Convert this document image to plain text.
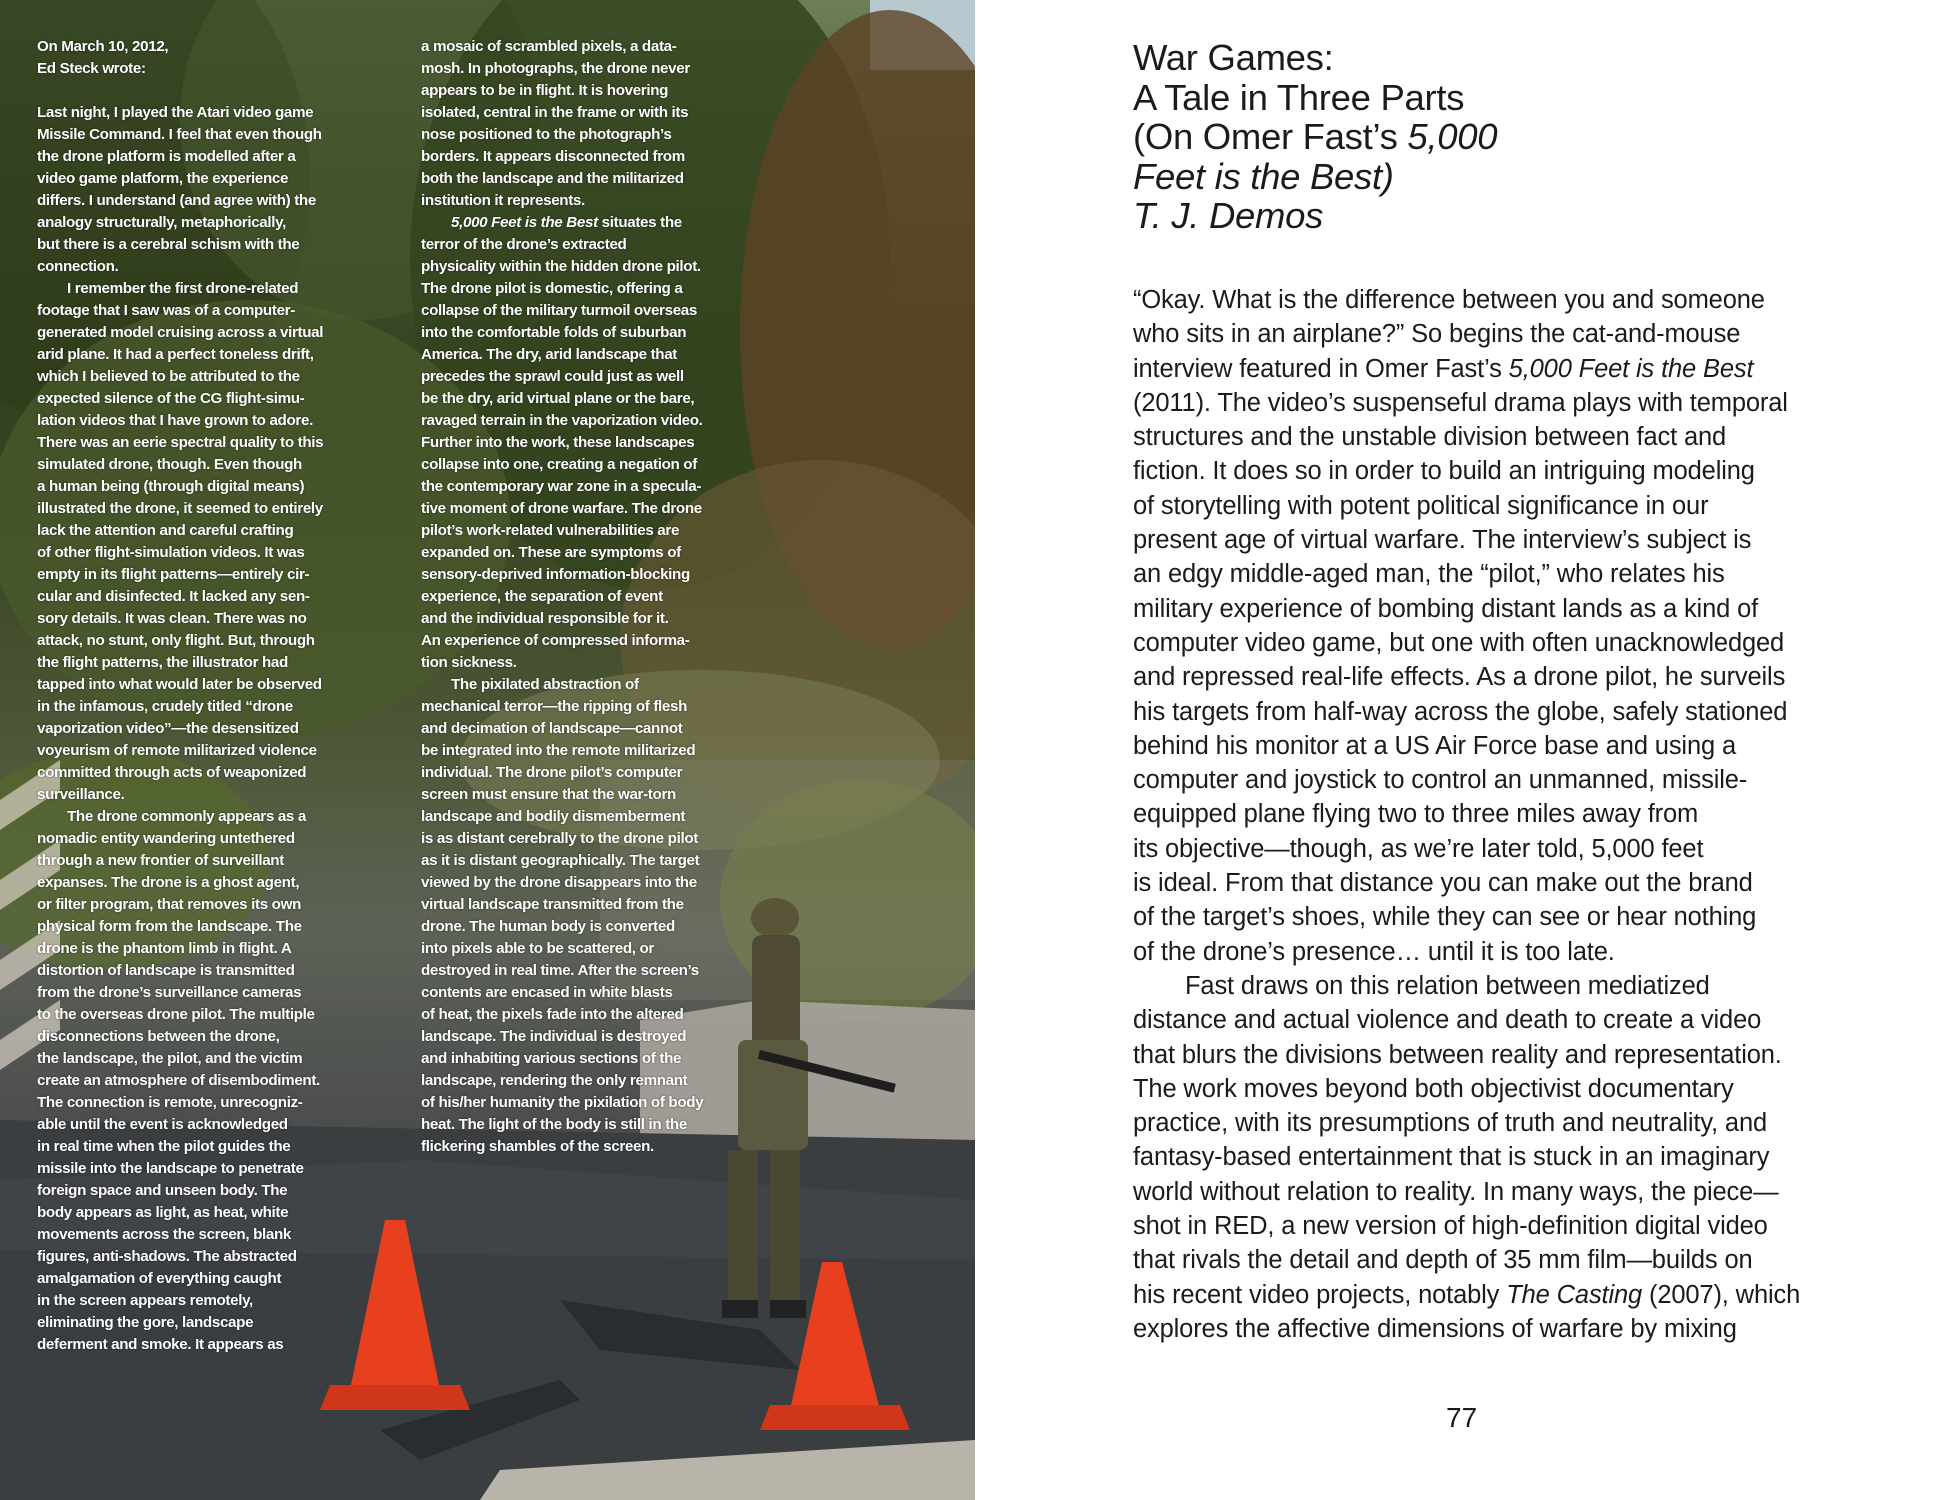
On March 10, 2012,

Ed Steck wrote:

Last night, I played the Atari video game

Missile Command. I feel that even though

the drone platform is modelled after a

video game platform, the experience

differs. I understand (and agree with) the

analogy structurally, metaphorically,

but there is a cerebral schism with the

connection.

I remember the first drone-related

footage that I saw was of a computer-

generated model cruising across a virtual

arid plane. It had a perfect toneless drift,

which I believed to be attributed to the

expected silence of the CG flight-simu-

lation videos that I have grown to adore.

There was an eerie spectral quality to this

simulated drone, though. Even though

a human being (through digital means)

illustrated the drone, it seemed to entirely

lack the attention and careful crafting

of other flight-simulation videos. It was

empty in its flight patterns—entirely cir-

cular and disinfected. It lacked any sen-

sory details. It was clean. There was no

attack, no stunt, only flight. But, through

the flight patterns, the illustrator had

tapped into what would later be observed

in the infamous, crudely titled “drone

vaporization video”—the desensitized

voyeurism of remote militarized violence

committed through acts of weaponized

surveillance.

The drone commonly appears as a

nomadic entity wandering untethered

through a new frontier of surveillant

expanses. The drone is a ghost agent,

or filter program, that removes its own

physical form from the landscape. The

drone is the phantom limb in flight. A

distortion of landscape is transmitted

from the drone’s surveillance cameras

to the overseas drone pilot. The multiple

disconnections between the drone,

the landscape, the pilot, and the victim

create an atmosphere of disembodiment.

The connection is remote, unrecogniz-

able until the event is acknowledged

in real time when the pilot guides the

missile into the landscape to penetrate

foreign space and unseen body. The

body appears as light, as heat, white

movements across the screen, blank

figures, anti-shadows. The abstracted

amalgamation of everything caught

in the screen appears remotely,

eliminating the gore, landscape

deferment and smoke. It appears as

a mosaic of scrambled pixels, a data-

mosh. In photographs, the drone never

appears to be in flight. It is hovering

isolated, central in the frame or with its

nose positioned to the photograph’s

borders. It appears disconnected from

both the landscape and the militarized

institution it represents.

5,000 Feet is the Best situates the

terror of the drone’s extracted

physicality within the hidden drone pilot.

The drone pilot is domestic, offering a

collapse of the military turmoil overseas

into the comfortable folds of suburban

America. The dry, arid landscape that

precedes the sprawl could just as well

be the dry, arid virtual plane or the bare,

ravaged terrain in the vaporization video.

Further into the work, these landscapes

collapse into one, creating a negation of

the contemporary war zone in a specula-

tive moment of drone warfare. The drone

pilot’s work-related vulnerabilities are

expanded on. These are symptoms of

sensory-deprived information-blocking

experience, the separation of event

and the individual responsible for it.

An experience of compressed informa-

tion sickness.

The pixilated abstraction of

mechanical terror—the ripping of flesh

and decimation of landscape—cannot

be integrated into the remote militarized

individual. The drone pilot’s computer

screen must ensure that the war-torn

landscape and bodily dismemberment

is as distant cerebrally to the drone pilot

as it is distant geographically. The target

viewed by the drone disappears into the

virtual landscape transmitted from the

drone. The human body is converted

into pixels able to be scattered, or

destroyed in real time. After the screen’s

contents are encased in white blasts

of heat, the pixels fade into the altered

landscape. The individual is destroyed

and inhabiting various sections of the

landscape, rendering the only remnant

of his/her humanity the pixilation of body

heat. The light of the body is still in the

flickering shambles of the screen.

War Games:
A Tale in Three Parts
(On Omer Fast’s 5,000
Feet is the Best)
T. J. Demos
“Okay. What is the difference between you and someone
who sits in an airplane?” So begins the cat-and-mouse
interview featured in Omer Fast’s 5,000 Feet is the Best
(2011). The video’s suspenseful drama plays with temporal
structures and the unstable division between fact and
fiction. It does so in order to build an intriguing modeling
of storytelling with potent political significance in our
present age of virtual warfare. The interview’s subject is
an edgy middle-aged man, the “pilot,” who relates his
military experience of bombing distant lands as a kind of
computer video game, but one with often unacknowledged
and repressed real-life effects. As a drone pilot, he surveils
his targets from half-way across the globe, safely stationed
behind his monitor at a US Air Force base and using a
computer and joystick to control an unmanned, missile-
equipped plane flying two to three miles away from
its objective—though, as we’re later told, 5,000 feet
is ideal. From that distance you can make out the brand
of the target’s shoes, while they can see or hear nothing
of the drone’s presence… until it is too late.
Fast draws on this relation between mediatized
distance and actual violence and death to create a video
that blurs the divisions between reality and representation.
The work moves beyond both objectivist documentary
practice, with its presumptions of truth and neutrality, and
fantasy-based entertainment that is stuck in an imaginary
world without relation to reality. In many ways, the piece—
shot in RED, a new version of high-definition digital video
that rivals the detail and depth of 35 mm film—builds on
his recent video projects, notably The Casting (2007), which
explores the affective dimensions of warfare by mixing
77
